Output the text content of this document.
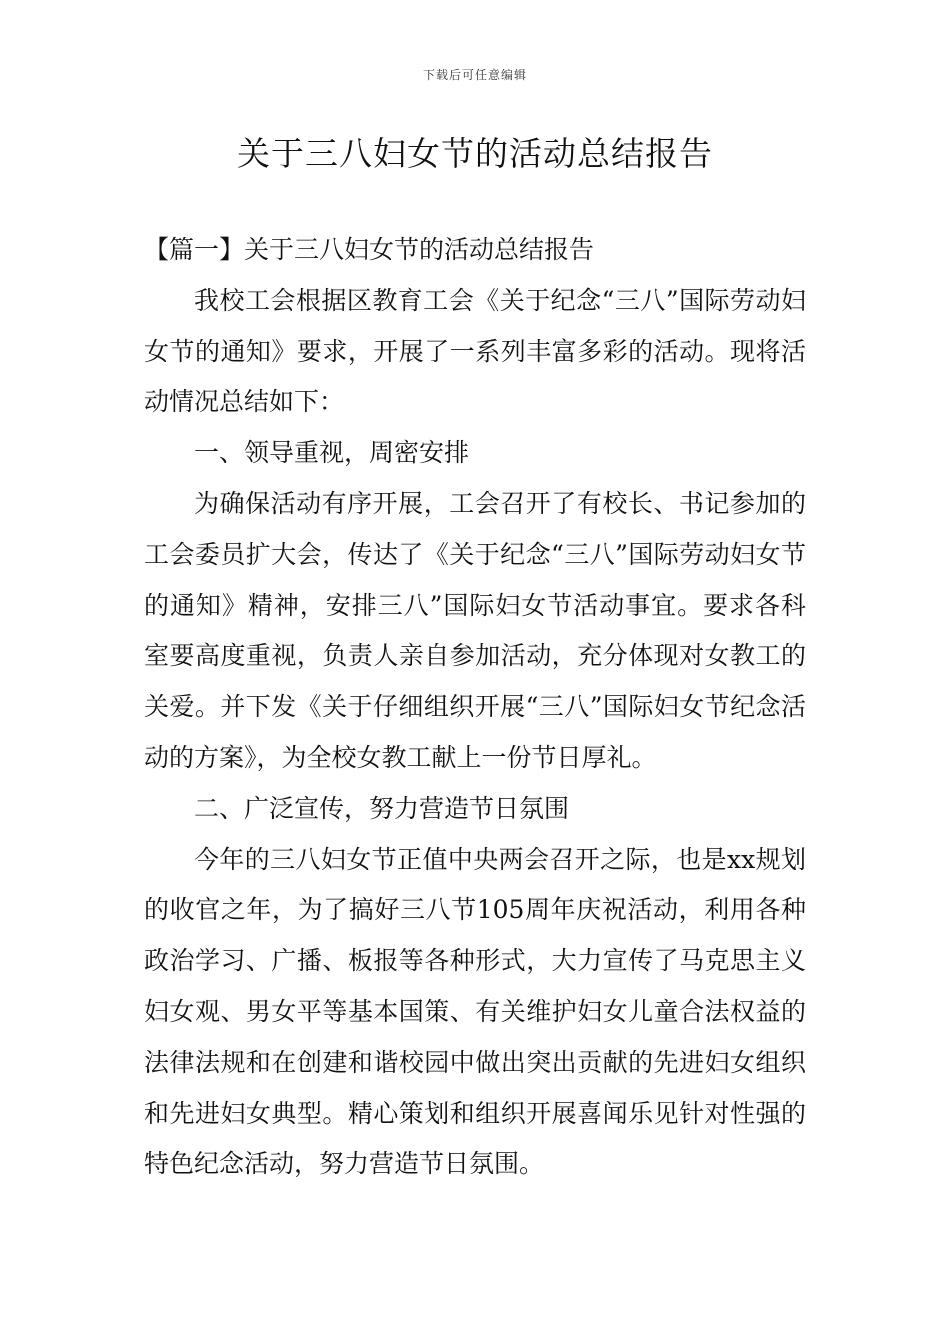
下载后可任意编辑
关于三八妇女节的活动总结报告

【篇一】关于三八妇女节的活动总结报告

我校工会根据区教育工会《关于纪念“三八”国际劳动妇女节的通知》要求，开展了一系列丰富多彩的活动。现将活动情况总结如下：

一、领导重视，周密安排

为确保活动有序开展，工会召开了有校长、书记参加的工会委员扩大会，传达了《关于纪念“三八”国际劳动妇女节的通知》精神，安排三八”国际妇女节活动事宜。要求各科室要高度重视，负责人亲自参加活动，充分体现对女教工的关爱。并下发《关于仔细组织开展“三八”国际妇女节纪念活动的方案》，为全校女教工献上一份节日厚礼。

二、广泛宣传，努力营造节日氛围

今年的三八妇女节正值中央两会召开之际，也是xx规划的收官之年，为了搞好三八节105周年庆祝活动，利用各种政治学习、广播、板报等各种形式，大力宣传了马克思主义妇女观、男女平等基本国策、有关维护妇女儿童合法权益的法律法规和在创建和谐校园中做出突出贡献的先进妇女组织和先进妇女典型。精心策划和组织开展喜闻乐见针对性强的特色纪念活动，努力营造节日氛围。
